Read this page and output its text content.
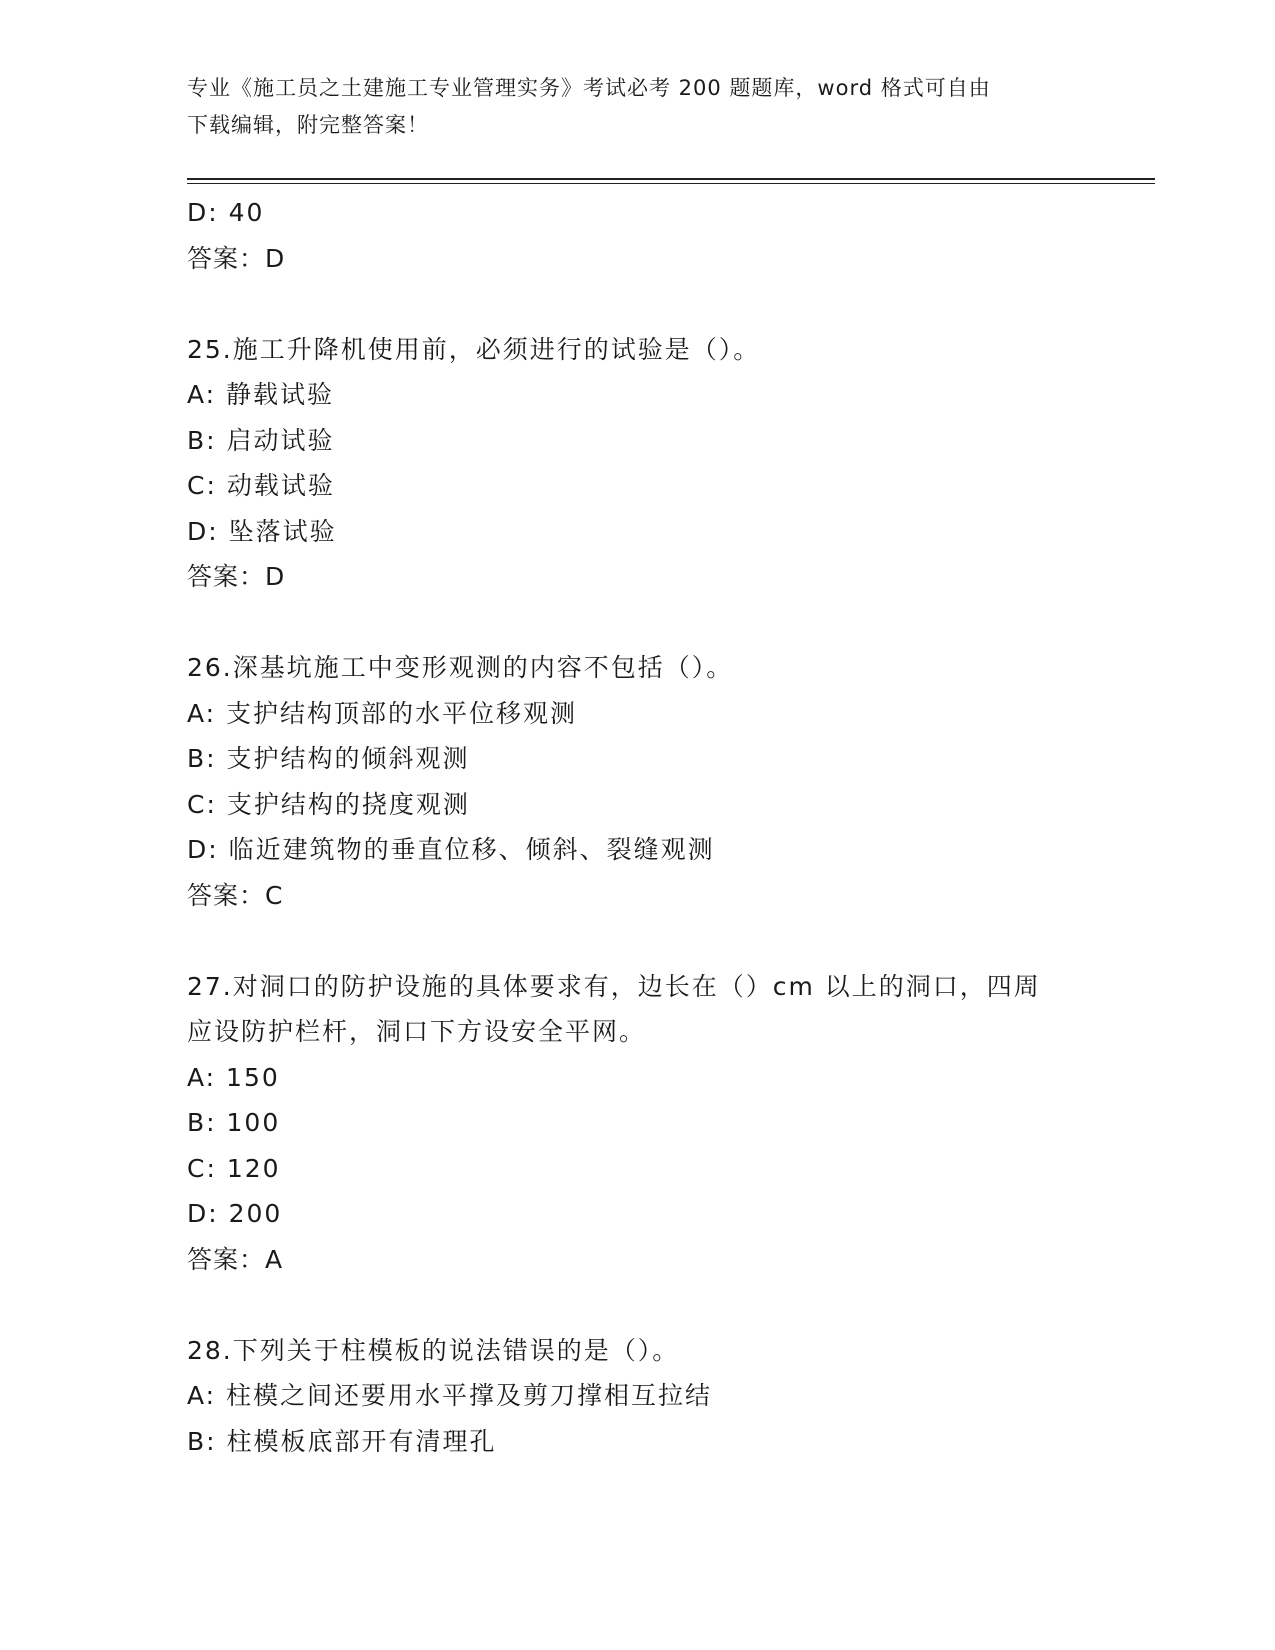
专业《施工员之土建施工专业管理实务》考试必考 200 题题库，word 格式可自由
下载编辑，附完整答案！
D: 40
答案：D
25.施工升降机使用前，必须进行的试验是（）。
A: 静载试验
B: 启动试验
C: 动载试验
D: 坠落试验
答案：D
26.深基坑施工中变形观测的内容不包括（）。
A: 支护结构顶部的水平位移观测
B: 支护结构的倾斜观测
C: 支护结构的挠度观测
D: 临近建筑物的垂直位移、倾斜、裂缝观测
答案：C
27.对洞口的防护设施的具体要求有，边长在（）cm 以上的洞口，四周
应设防护栏杆，洞口下方设安全平网。
A: 150
B: 100
C: 120
D: 200
答案：A
28.下列关于柱模板的说法错误的是（）。
A: 柱模之间还要用水平撑及剪刀撑相互拉结
B: 柱模板底部开有清理孔
